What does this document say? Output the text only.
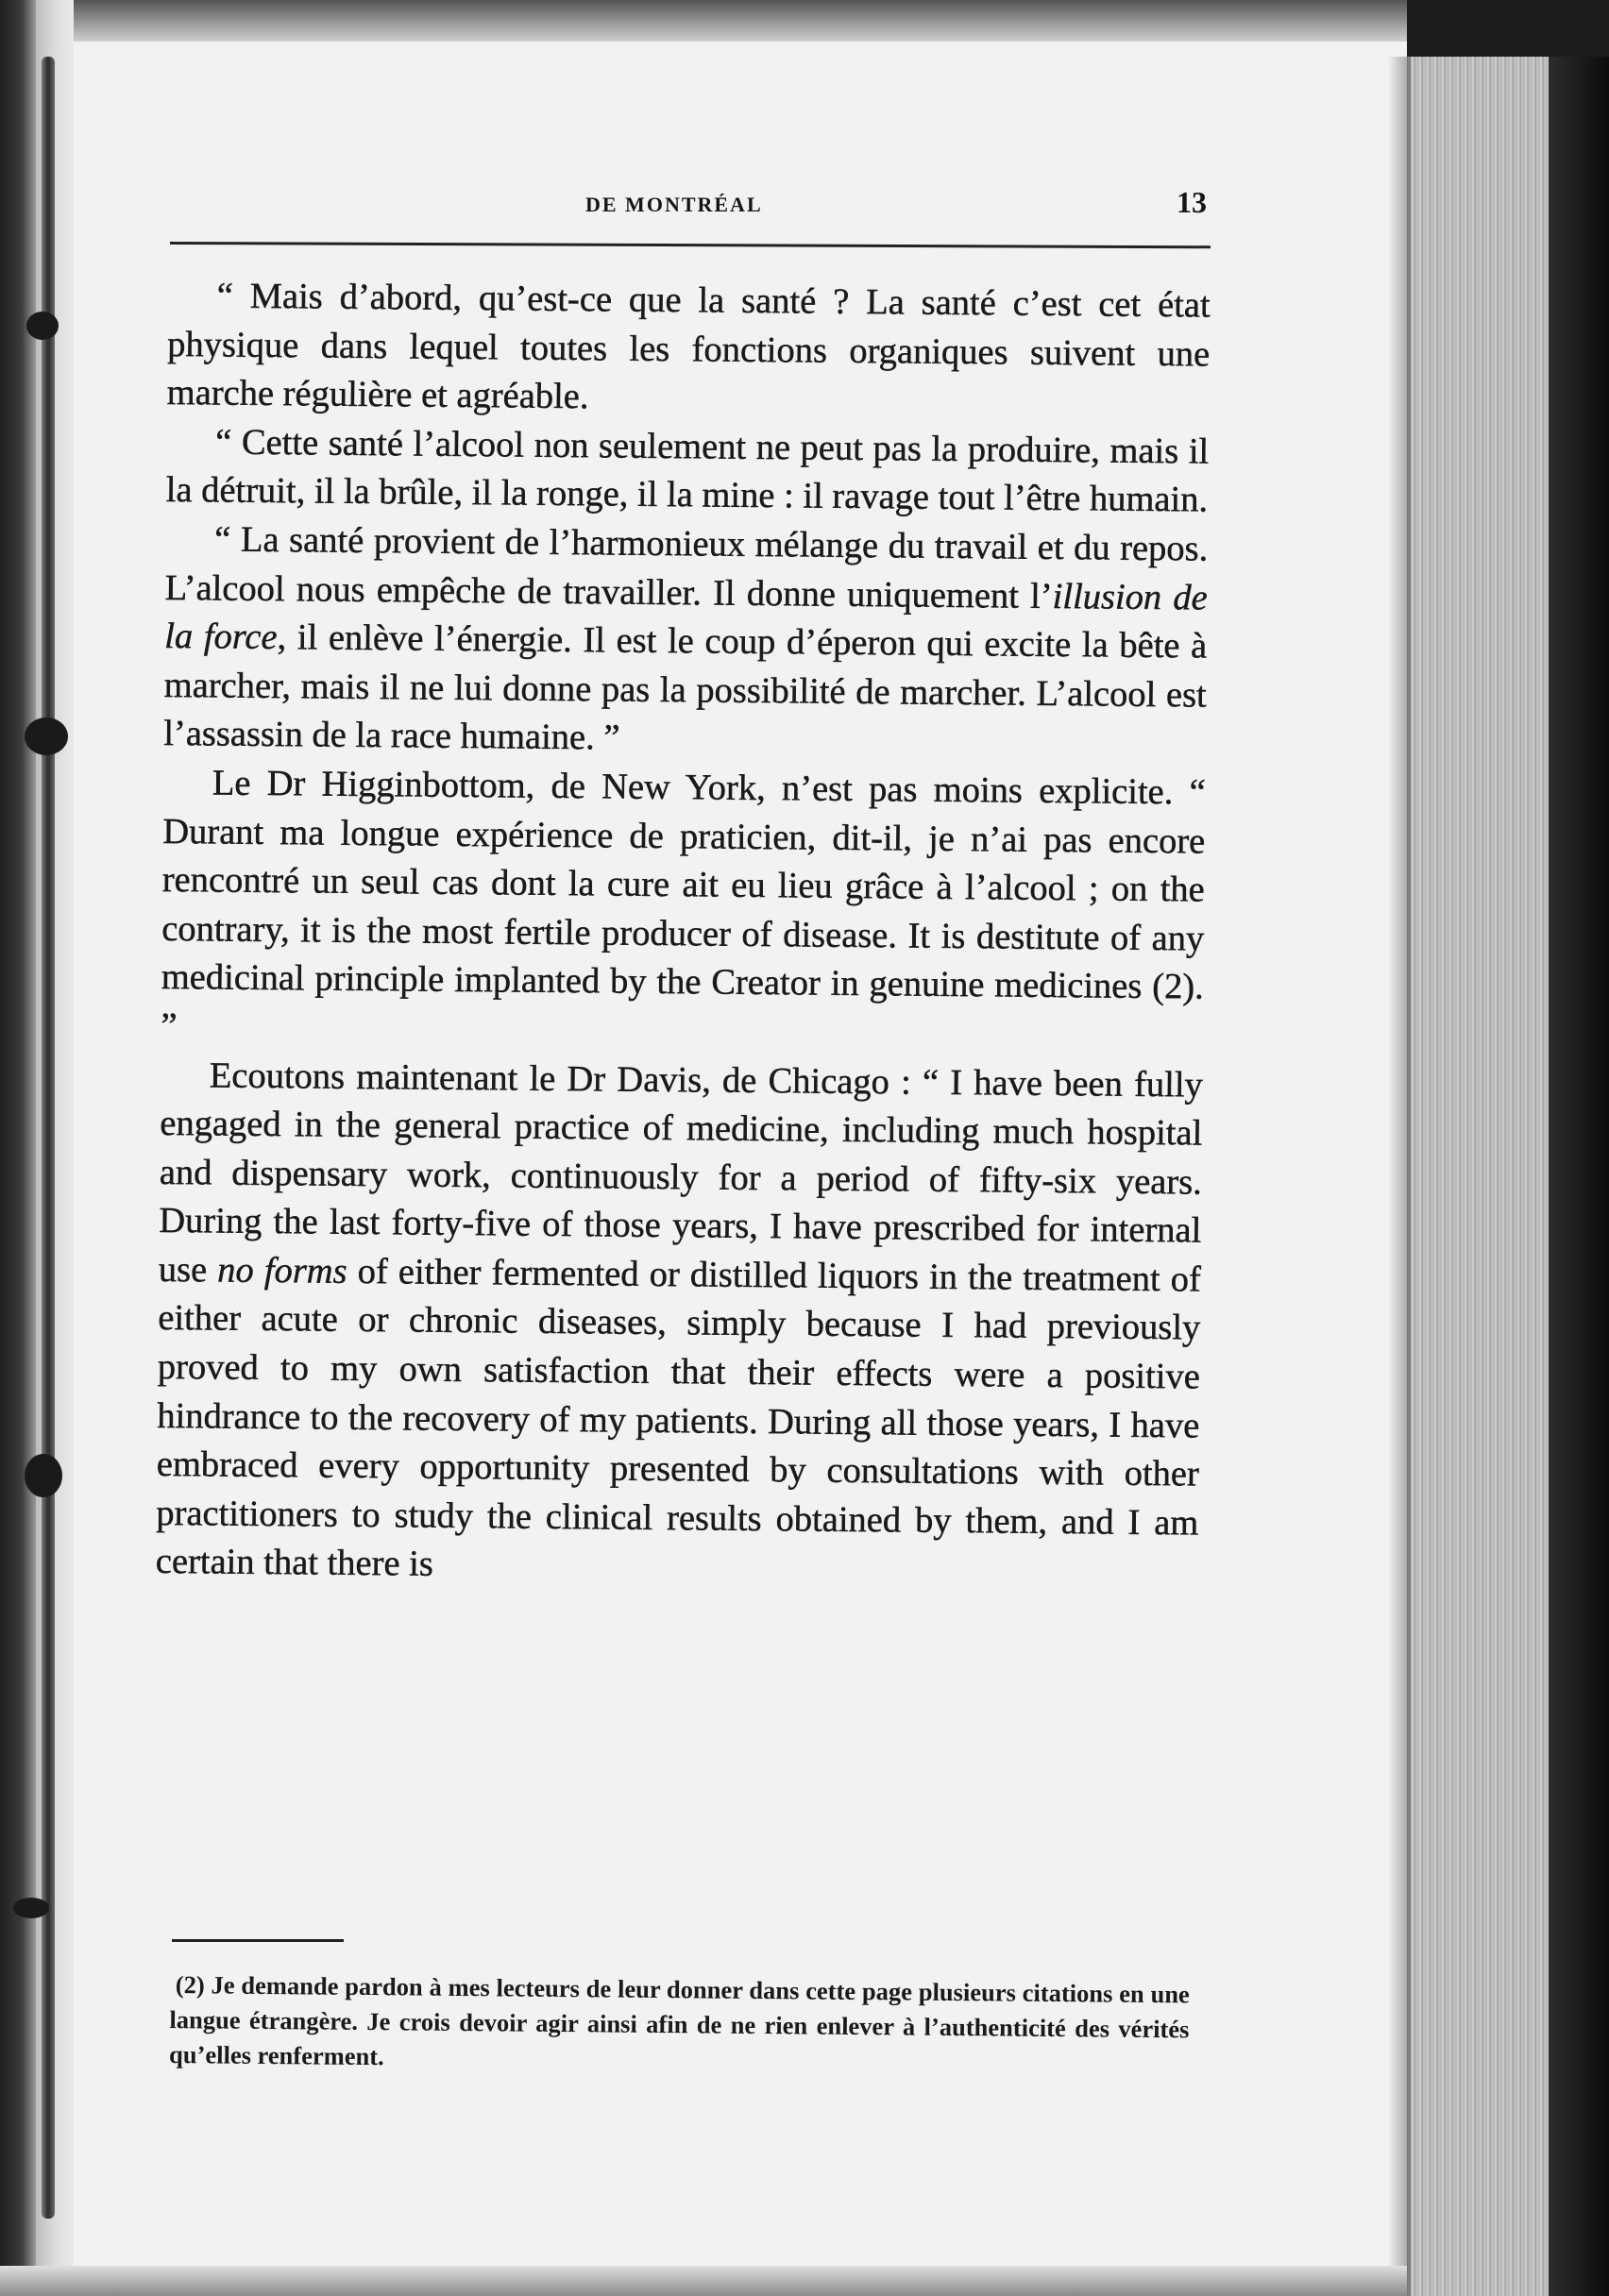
DE MONTRÉAL	13

“ Mais d’abord, qu’est-ce que la santé ? La santé c’est cet état physique dans lequel toutes les fonctions organiques suivent une marche régulière et agréable.

“ Cette santé l’alcool non seulement ne peut pas la produire, mais il la détruit, il la brûle, il la ronge, il la mine : il ravage tout l’être humain.

“ La santé provient de l’harmonieux mélange du travail et du repos. L’alcool nous empêche de travailler. Il donne uniquement l’illusion de la force, il enlève l’énergie. Il est le coup d’éperon qui excite la bête à marcher, mais il ne lui donne pas la possibilité de marcher. L’alcool est l’assassin de la race humaine. ”

Le Dr Higginbottom, de New York, n’est pas moins explicite. “ Durant ma longue expérience de praticien, dit-il, je n’ai pas encore rencontré un seul cas dont la cure ait eu lieu grâce à l’alcool ; on the contrary, it is the most fertile producer of disease. It is destitute of any medicinal principle implanted by the Creator in genuine medicines (2). ”

Ecoutons maintenant le Dr Davis, de Chicago : “ I have been fully engaged in the general practice of medicine, including much hospital and dispensary work, continuously for a period of fifty-six years. During the last forty-five of those years, I have prescribed for internal use no forms of either fermented or distilled liquors in the treatment of either acute or chronic diseases, simply because I had previously proved to my own satisfaction that their effects were a positive hindrance to the recovery of my patients. During all those years, I have embraced every opportunity presented by consultations with other practitioners to study the clinical results obtained by them, and I am certain that there is

(2) Je demande pardon à mes lecteurs de leur donner dans cette page plusieurs citations en une langue étrangère. Je crois devoir agir ainsi afin de ne rien enlever à l’authenticité des vérités qu’elles renferment.
